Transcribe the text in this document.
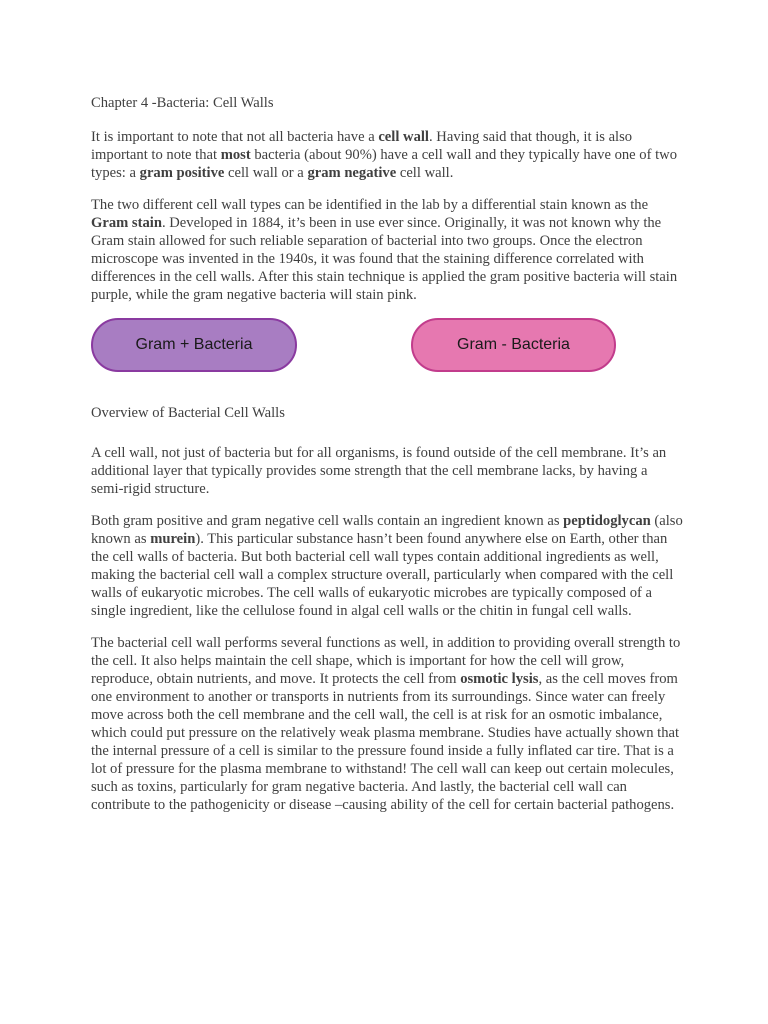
Chapter 4 -Bacteria: Cell Walls

It is important to note that not all bacteria have a cell wall. Having said that though, it is also important to note that most bacteria (about 90%) have a cell wall and they typically have one of two types: a gram positive cell wall or a gram negative cell wall.

The two different cell wall types can be identified in the lab by a differential stain known as the Gram stain. Developed in 1884, it’s been in use ever since. Originally, it was not known why the Gram stain allowed for such reliable separation of bacterial into two groups. Once the electron microscope was invented in the 1940s, it was found that the staining difference correlated with differences in the cell walls. After this stain technique is applied the gram positive bacteria will stain purple, while the gram negative bacteria will stain pink.

Gram + Bacteria	Gram - Bacteria
Overview of Bacterial Cell Walls

A cell wall, not just of bacteria but for all organisms, is found outside of the cell membrane. It’s an additional layer that typically provides some strength that the cell membrane lacks, by having a semi-rigid structure.

Both gram positive and gram negative cell walls contain an ingredient known as peptidoglycan (also known as murein). This particular substance hasn’t been found anywhere else on Earth, other than the cell walls of bacteria. But both bacterial cell wall types contain additional ingredients as well, making the bacterial cell wall a complex structure overall, particularly when compared with the cell walls of eukaryotic microbes. The cell walls of eukaryotic microbes are typically composed of a single ingredient, like the cellulose found in algal cell walls or the chitin in fungal cell walls.

The bacterial cell wall performs several functions as well, in addition to providing overall strength to the cell. It also helps maintain the cell shape, which is important for how the cell will grow, reproduce, obtain nutrients, and move. It protects the cell from osmotic lysis, as the cell moves from one environment to another or transports in nutrients from its surroundings. Since water can freely move across both the cell membrane and the cell wall, the cell is at risk for an osmotic imbalance, which could put pressure on the relatively weak plasma membrane. Studies have actually shown that the internal pressure of a cell is similar to the pressure found inside a fully inflated car tire. That is a lot of pressure for the plasma membrane to withstand! The cell wall can keep out certain molecules, such as toxins, particularly for gram negative bacteria. And lastly, the bacterial cell wall can contribute to the pathogenicity or disease –causing ability of the cell for certain bacterial pathogens.
